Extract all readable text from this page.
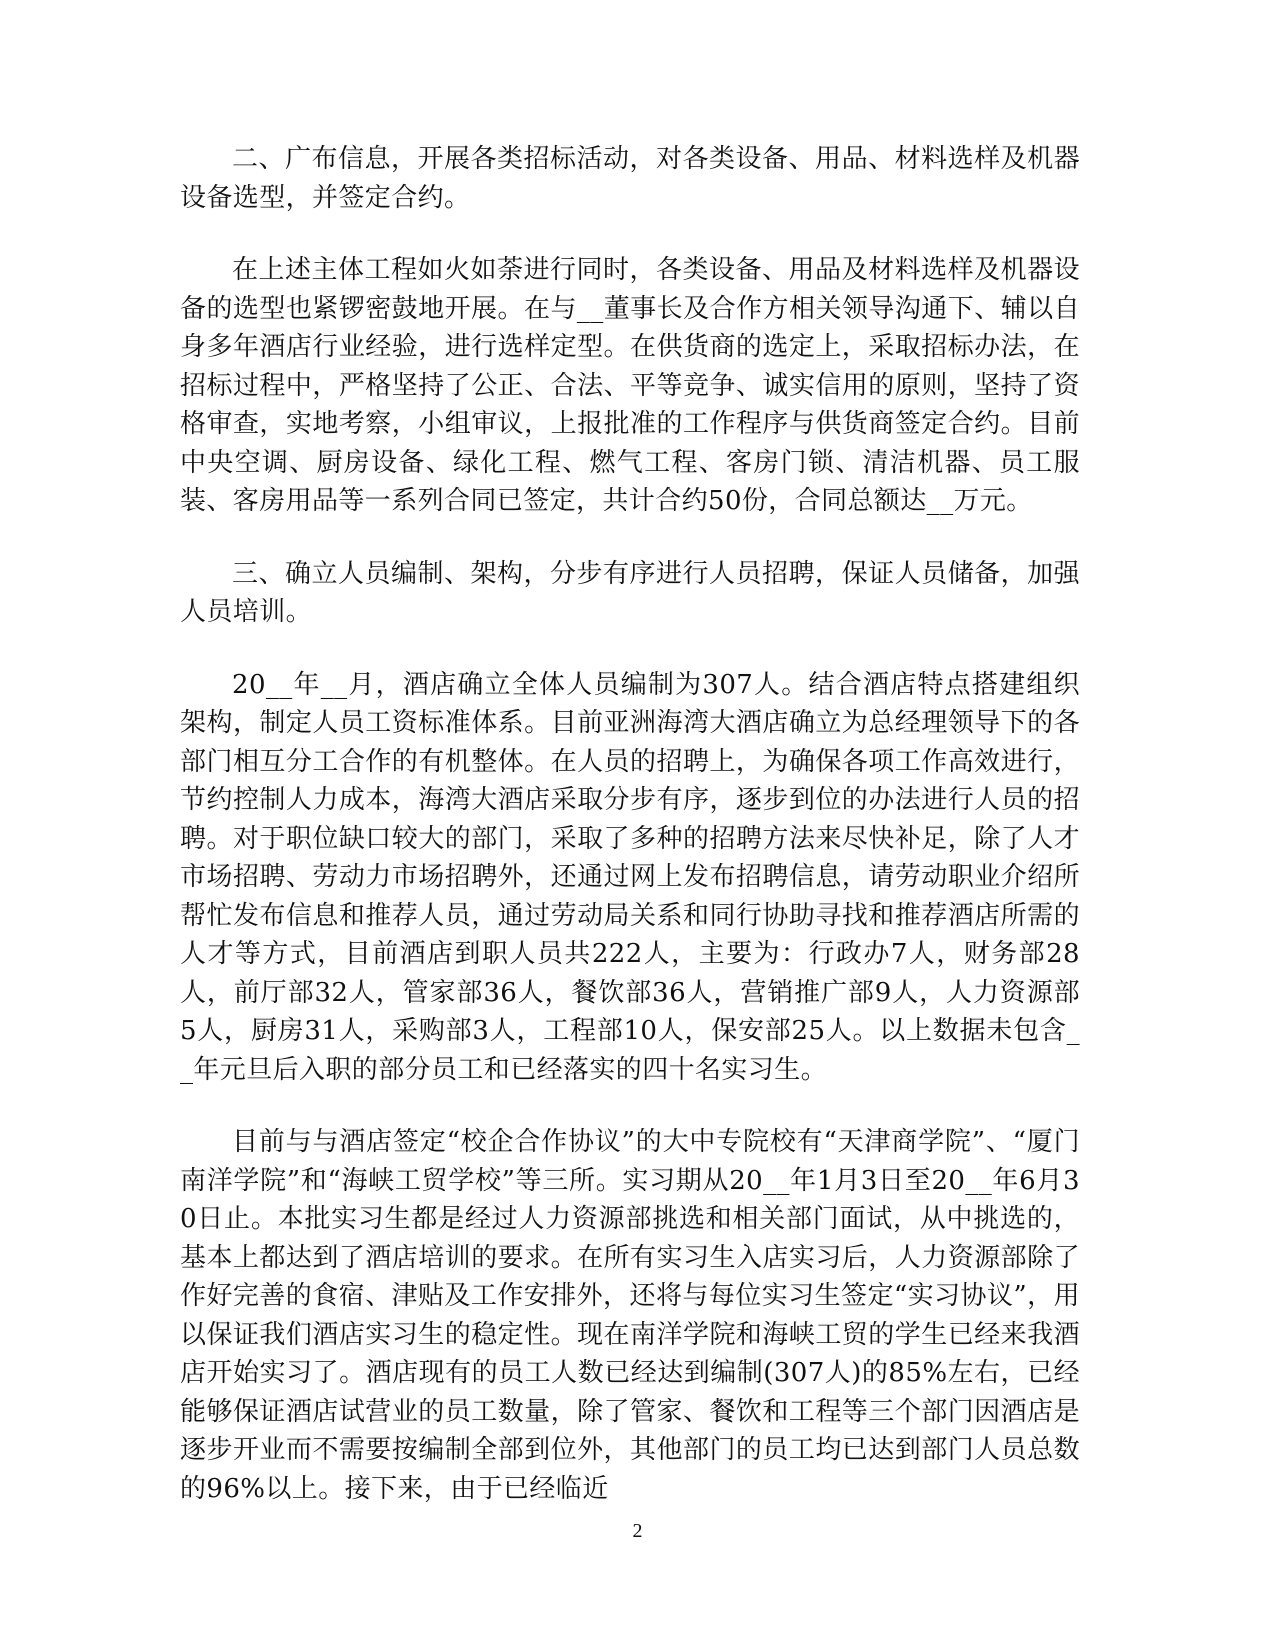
二、广布信息，开展各类招标活动，对各类设备、用品、材料选样及机器设备选型，并签定合约。

在上述主体工程如火如荼进行同时，各类设备、用品及材料选样及机器设备的选型也紧锣密鼓地开展。在与__董事长及合作方相关领导沟通下、辅以自身多年酒店行业经验，进行选样定型。在供货商的选定上，采取招标办法，在招标过程中，严格坚持了公正、合法、平等竞争、诚实信用的原则，坚持了资格审查，实地考察，小组审议，上报批准的工作程序与供货商签定合约。目前中央空调、厨房设备、绿化工程、燃气工程、客房门锁、清洁机器、员工服装、客房用品等一系列合同已签定，共计合约50份，合同总额达__万元。

三、确立人员编制、架构，分步有序进行人员招聘，保证人员储备，加强人员培训。

20__年__月，酒店确立全体人员编制为307人。结合酒店特点搭建组织架构，制定人员工资标准体系。目前亚洲海湾大酒店确立为总经理领导下的各部门相互分工合作的有机整体。在人员的招聘上，为确保各项工作高效进行，节约控制人力成本，海湾大酒店采取分步有序，逐步到位的办法进行人员的招聘。对于职位缺口较大的部门，采取了多种的招聘方法来尽快补足，除了人才市场招聘、劳动力市场招聘外，还通过网上发布招聘信息，请劳动职业介绍所帮忙发布信息和推荐人员，通过劳动局关系和同行协助寻找和推荐酒店所需的人才等方式，目前酒店到职人员共222人，主要为：行政办7人，财务部28人，前厅部32人，管家部36人，餐饮部36人，营销推广部9人，人力资源部5人，厨房31人，采购部3人，工程部10人，保安部25人。以上数据未包含__年元旦后入职的部分员工和已经落实的四十名实习生。

目前与与酒店签定“校企合作协议”的大中专院校有“天津商学院”、“厦门南洋学院”和“海峡工贸学校”等三所。实习期从20__年1月3日至20__年6月30日止。本批实习生都是经过人力资源部挑选和相关部门面试，从中挑选的，基本上都达到了酒店培训的要求。在所有实习生入店实习后，人力资源部除了作好完善的食宿、津贴及工作安排外，还将与每位实习生签定“实习协议”，用以保证我们酒店实习生的稳定性。现在南洋学院和海峡工贸的学生已经来我酒店开始实习了。酒店现有的员工人数已经达到编制(307人)的85%左右，已经能够保证酒店试营业的员工数量，除了管家、餐饮和工程等三个部门因酒店是逐步开业而不需要按编制全部到位外，其他部门的员工均已达到部门人员总数的96%以上。接下来，由于已经临近

2
